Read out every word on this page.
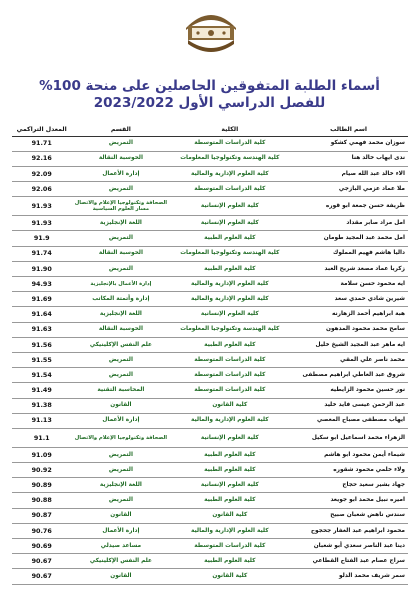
أسماء الطلبة المتفوقين الحاصلين على منحة 100%
للفصل الدراسي الأول 2023/2022
اسم الطالب	الكلية	القسم	المعدل التراكمي
سوزان محمد فهمي كشكو	كلية الدراسات المتوسطة	التمريض	91.71
ندى ايهاب خالد هنا	كلية الهندسة وتكنولوجيا المعلومات	الحوسبة النقالة	92.16
الاء خالد عبد الله صيام	كلية العلوم الإدارية والمالية	إدارة الأعمال	92.09
ملا عماد عزمي البازجي	كلية الدراسات المتوسطة	التمريض	92.06
ظريفة حسن جمعة ابو قوره	كلية العلوم الإنسانية	الصحافة وتكنولوجيا الإعلام والاتصال مسار العلوم السياسية	91.93
امل مراد صابر مقداد	كلية العلوم الإنسانية	اللغة الإنجليزية	91.93
امل محمد عبد المجيد طومان	كلية العلوم الطبية	التمريض	91.9
داليا هاشم فهيم المملوك	كلية الهندسة وتكنولوجيا المعلومات	الحوسبة النقالة	91.74
زكريا عماد مصعد شريح العبد	كلية العلوم الطبية	التمريض	91.90
ايه محمود حسن سلامة	كلية العلوم الإدارية والمالية	إدارة الأعمال بالإنجليزية	94.93
شيرين شادي حمدي سعد	كلية العلوم الإدارية والمالية	إدارة وأتمتة المكاتب	91.69
هبة ابراهيم أحمد الزهارنه	كلية العلوم الإنسانية	اللغة الإنجليزية	91.64
سامح محمد محمود المدهون	كلية الهندسة وتكنولوجيا المعلومات	الحوسبة النقالة	91.63
ايه ماهر عبد المجيد الشيخ خليل	كلية العلوم الطبية	علم النفس الإكلينيكي	91.56
محمد ناصر علي المقي	كلية الدراسات المتوسطة	التمريض	91.55
شروق عبد العاطي ابراهيم مصطفى	كلية الدراسات المتوسطة	التمريض	91.54
نور حسين محمود الزايطيه	كلية الدراسات المتوسطة	المحاسبة التقنية	91.49
عبد الرحمن عيسى فايد خليد	كلية القانون	القانون	91.38
ايهاب مصطفى مصباح المعصي	كلية العلوم الإدارية والمالية	إدارة الأعمال	91.13
الزهراء محمد اسماعيل ابو سكيل	كلية العلوم الإنسانية	الصحافة وتكنولوجيا الإعلام والاتصال	91.1
شيماء أيمن محمود ابو هاشم	كلية العلوم الطبية	التمريض	91.09
ولاء خلمي محمود شقوره	كلية العلوم الطبية	التمريض	90.92
جهاد بشير سعيد حجاج	كلية العلوم الإنسانية	اللغة الإنجليزية	90.89
اميره نبيل محمد ابو جويعد	كلية العلوم الطبية	التمريض	90.88
سندس ناهض شعبان صبيح	كلية القانون	القانون	90.87
محمود ابراهيم عبد الغفار جحجوح	كلية العلوم الإدارية والمالية	إدارة الأعمال	90.76
دينا عبد الناصر سعدي أبو شعبان	كلية الدراسات المتوسطة	مساعد صيدلي	90.69
سراج عصام عبد الفتاح القطاعي	كلية العلوم الطبية	علم النفس الإكلينيكي	90.67
سمر شريف محمد الدلو	كلية القانون	القانون	90.67
